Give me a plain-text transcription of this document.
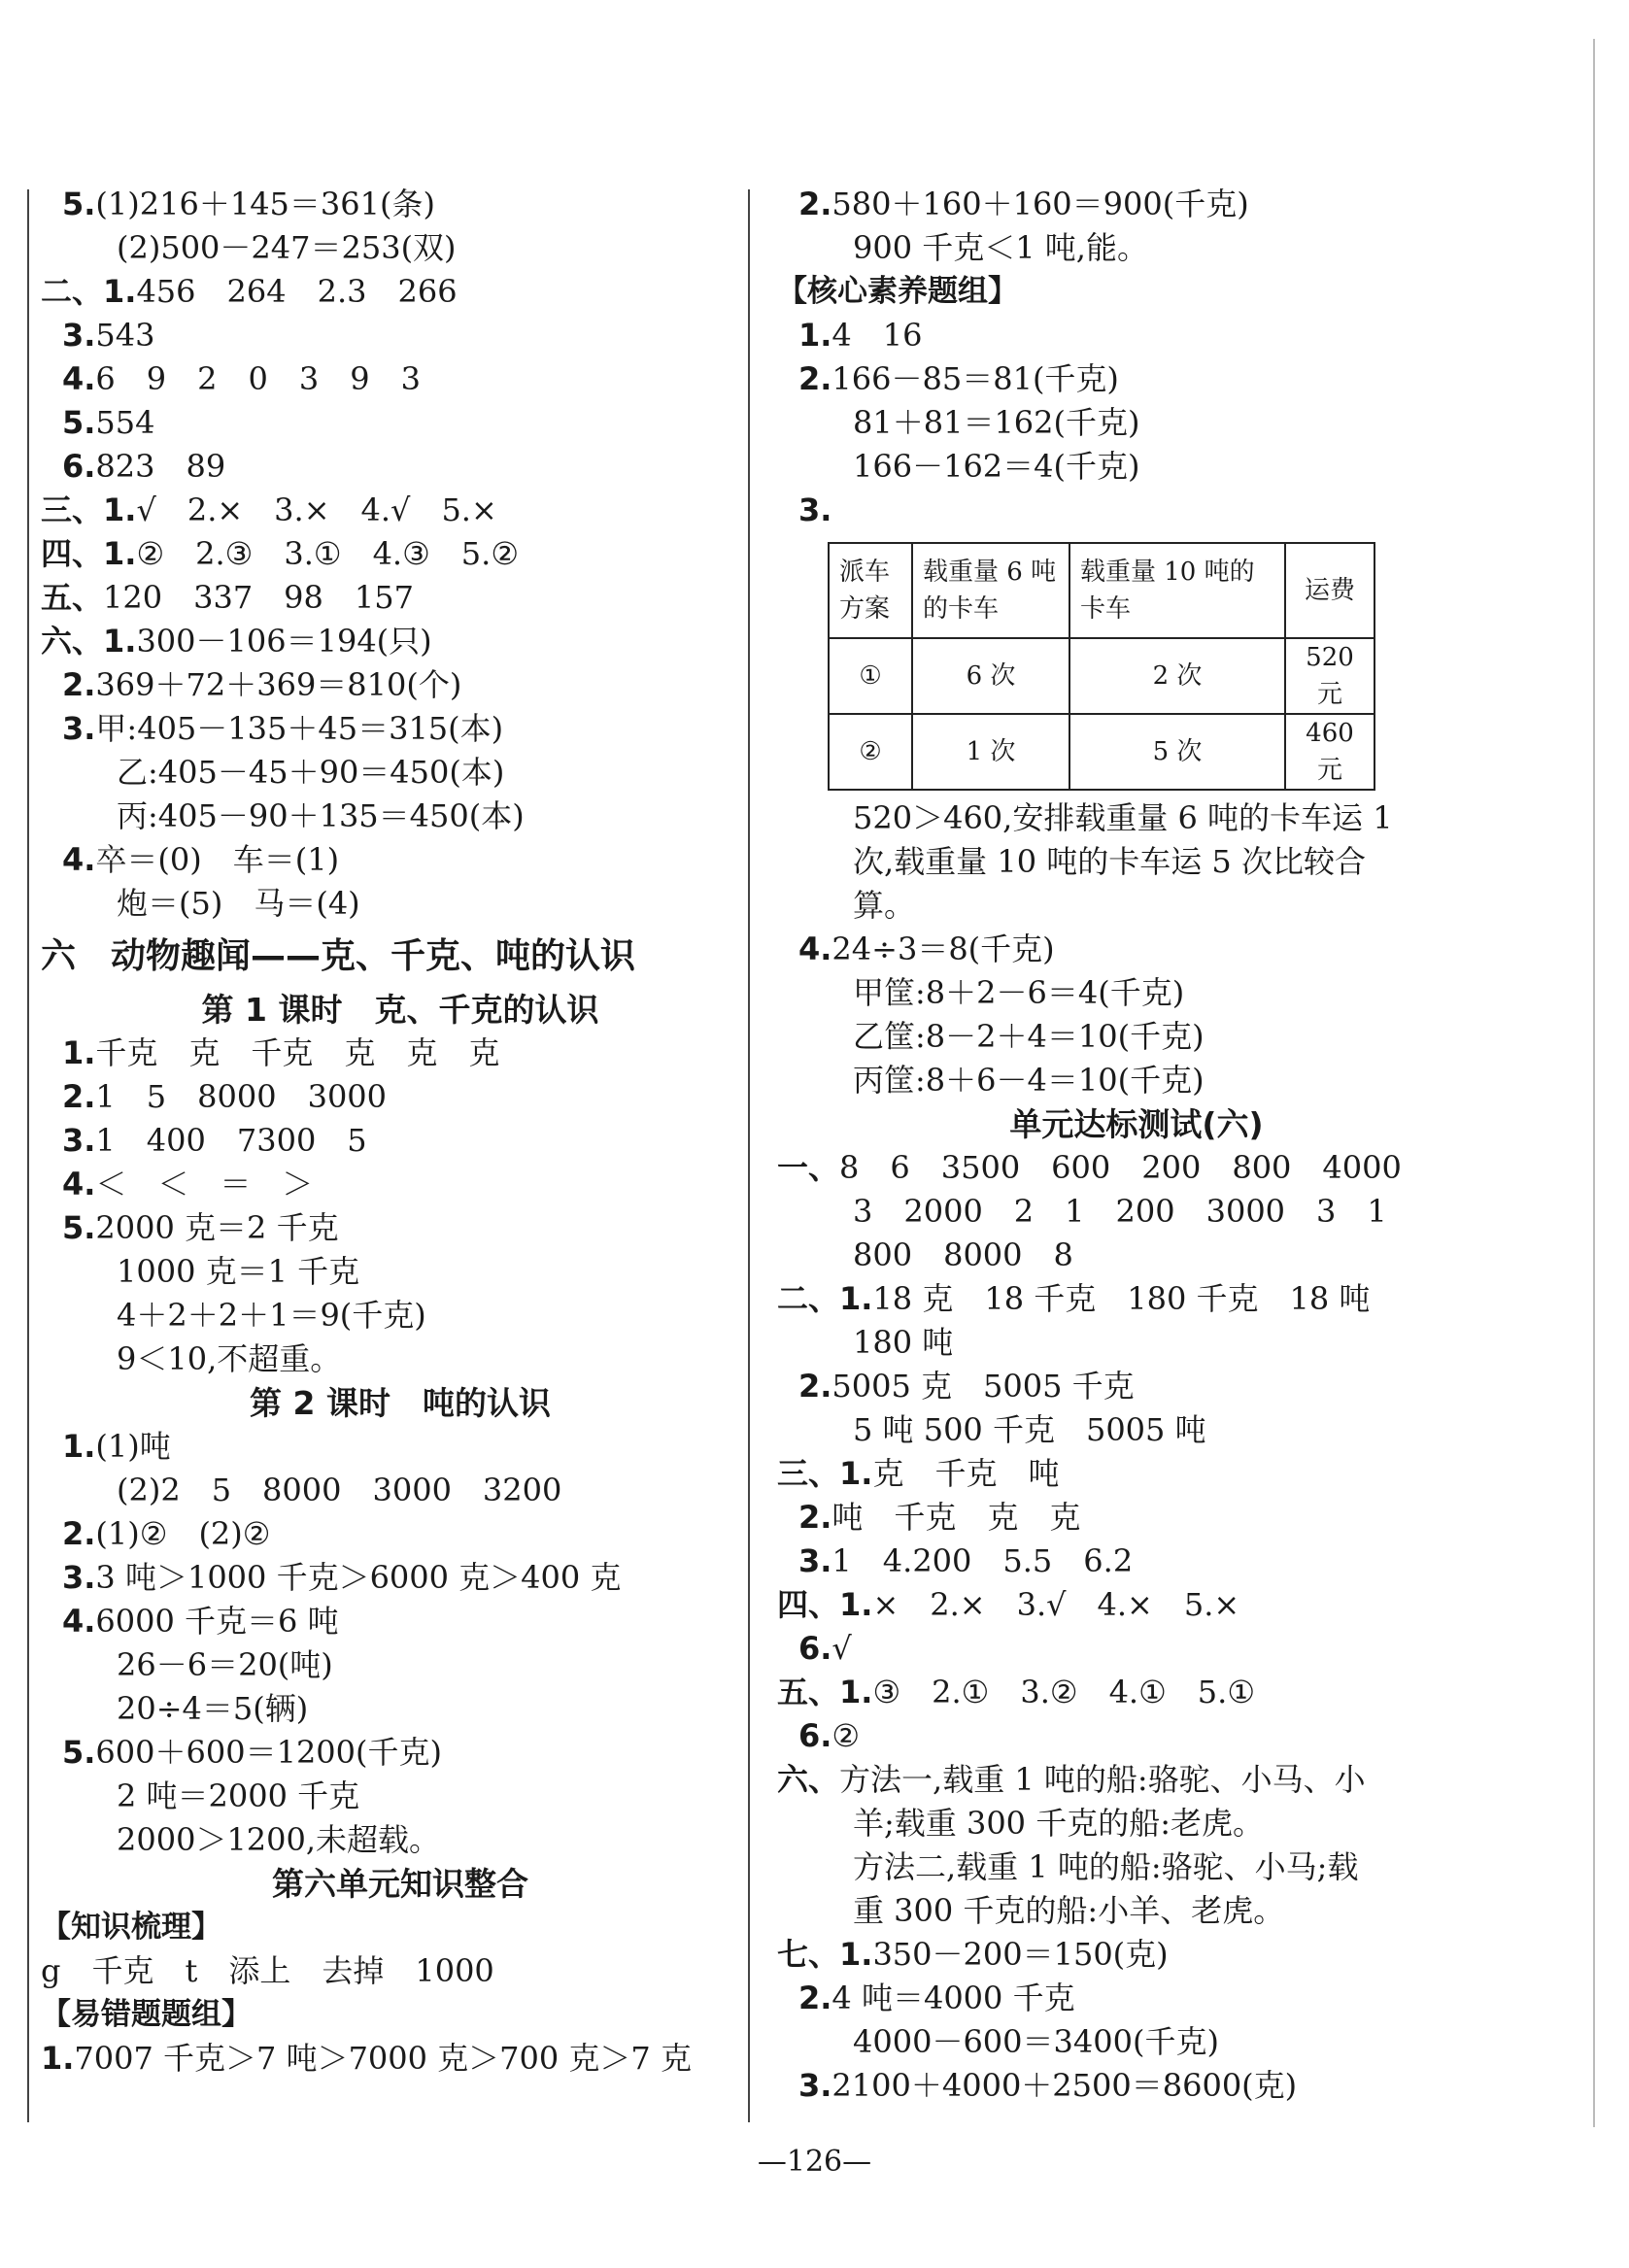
5.(1)216＋145＝361(条)
(2)500－247＝253(双)
二、1.456　264　2.3　266
3.543
4.6　9　2　0　3　9　3
5.554
6.823　89
三、1.√　2.×　3.×　4.√　5.×
四、1.②　2.③　3.①　4.③　5.②
五、120　337　98　157
六、1.300－106＝194(只)
2.369＋72＋369＝810(个)
3.甲:405－135＋45＝315(本)
乙:405－45＋90＝450(本)
丙:405－90＋135＝450(本)
4.卒＝(0)　车＝(1)
炮＝(5)　马＝(4)
六　动物趣闻——克、千克、吨的认识
第 1 课时　克、千克的认识
1.千克　克　千克　克　克　克
2.1　5　8000　3000
3.1　400　7300　5
4.＜　＜　＝　＞
5.2000 克＝2 千克
1000 克＝1 千克
4＋2＋2＋1＝9(千克)
9＜10,不超重。
第 2 课时　吨的认识
1.(1)吨
(2)2　5　8000　3000　3200
2.(1)②　(2)②
3.3 吨＞1000 千克＞6000 克＞400 克
4.6000 千克＝6 吨
26－6＝20(吨)
20÷4＝5(辆)
5.600＋600＝1200(千克)
2 吨＝2000 千克
2000＞1200,未超载。
第六单元知识整合
【知识梳理】
g　千克　t　添上　去掉　1000
【易错题题组】
1.7007 千克＞7 吨＞7000 克＞700 克＞7 克
2.580＋160＋160＝900(千克)
900 千克＜1 吨,能。
【核心素养题组】
1.4　16
2.166－85＝81(千克)
81＋81＝162(千克)
166－162＝4(千克)
3.
派车方案	载重量 6 吨的卡车	载重量 10 吨的卡车	运费
①	6 次	2 次	520 元
②	1 次	5 次	460 元
520＞460,安排载重量 6 吨的卡车运 1
次,载重量 10 吨的卡车运 5 次比较合
算。
4.24÷3＝8(千克)
甲筐:8＋2－6＝4(千克)
乙筐:8－2＋4＝10(千克)
丙筐:8＋6－4＝10(千克)
单元达标测试(六)
一、8　6　3500　600　200　800　4000
3　2000　2　1　200　3000　3　1
800　8000　8
二、1.18 克　18 千克　180 千克　18 吨
180 吨
2.5005 克　5005 千克
5 吨 500 千克　5005 吨
三、1.克　千克　吨
2.吨　千克　克　克
3.1　4.200　5.5　6.2
四、1.×　2.×　3.√　4.×　5.×
6.√
五、1.③　2.①　3.②　4.①　5.①
6.②
六、方法一,载重 1 吨的船:骆驼、小马、小
羊;载重 300 千克的船:老虎。
方法二,载重 1 吨的船:骆驼、小马;载
重 300 千克的船:小羊、老虎。
七、1.350－200＝150(克)
2.4 吨＝4000 千克
4000－600＝3400(千克)
3.2100＋4000＋2500＝8600(克)
—126—
